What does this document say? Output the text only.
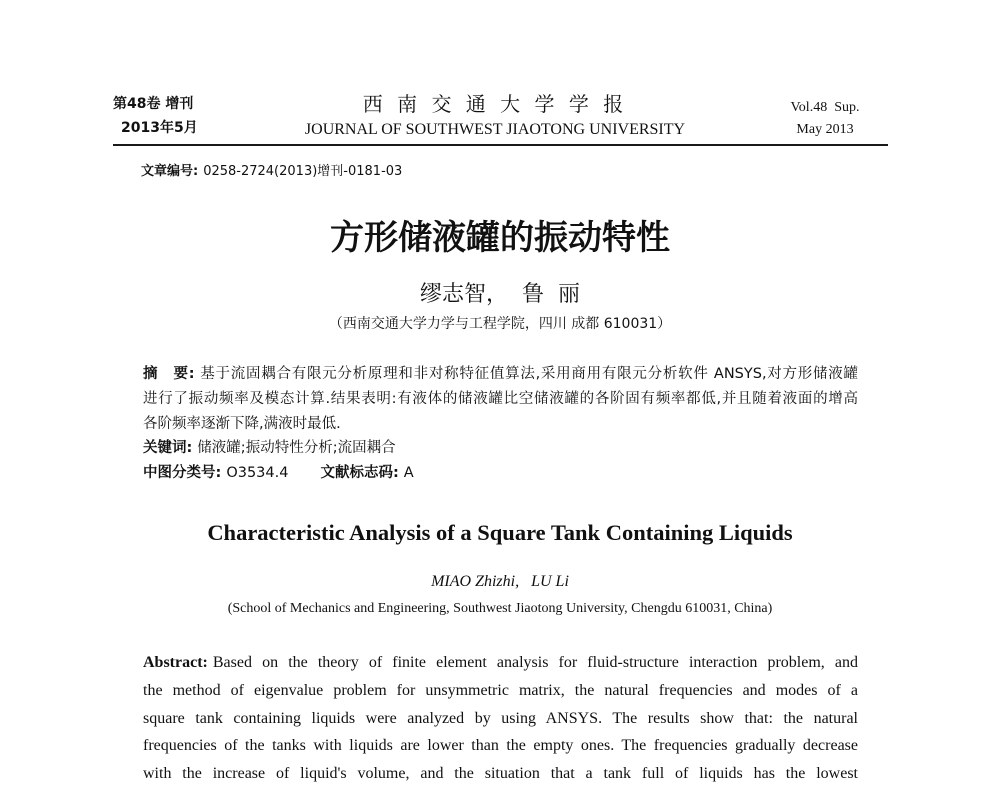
第48卷 增刊
2013年5月
西 南 交 通 大 学 学 报
JOURNAL OF SOUTHWEST JIAOTONG UNIVERSITY
Vol.48  Sup.
May 2013
文章编号: 0258-2724(2013)增刊-0181-03
方形储液罐的振动特性
缪志智，  鲁  丽
（西南交通大学力学与工程学院，四川 成都 610031）
摘　要: 基于流固耦合有限元分析原理和非对称特征值算法,采用商用有限元分析软件 ANSYS,对方形储液罐
进行了振动频率及模态计算.结果表明:有液体的储液罐比空储液罐的各阶固有频率都低,并且随着液面的增高
各阶频率逐渐下降,满液时最低.
关键词: 储液罐;振动特性分析;流固耦合
中图分类号: O3534.4 文献标志码: A
Characteristic Analysis of a Square Tank Containing Liquids
MIAO Zhizhi,   LU Li
(School of Mechanics and Engineering, Southwest Jiaotong University, Chengdu 610031, China)
Abstract: Based on the theory of finite element analysis for fluid-structure interaction problem, and
the method of eigenvalue problem for unsymmetric matrix, the natural frequencies and modes of a
square tank containing liquids were analyzed by using ANSYS. The results show that: the natural
frequencies of the tanks with liquids are lower than the empty ones. The frequencies gradually decrease
with the increase of liquid's volume, and the situation that a tank full of liquids has the lowest
